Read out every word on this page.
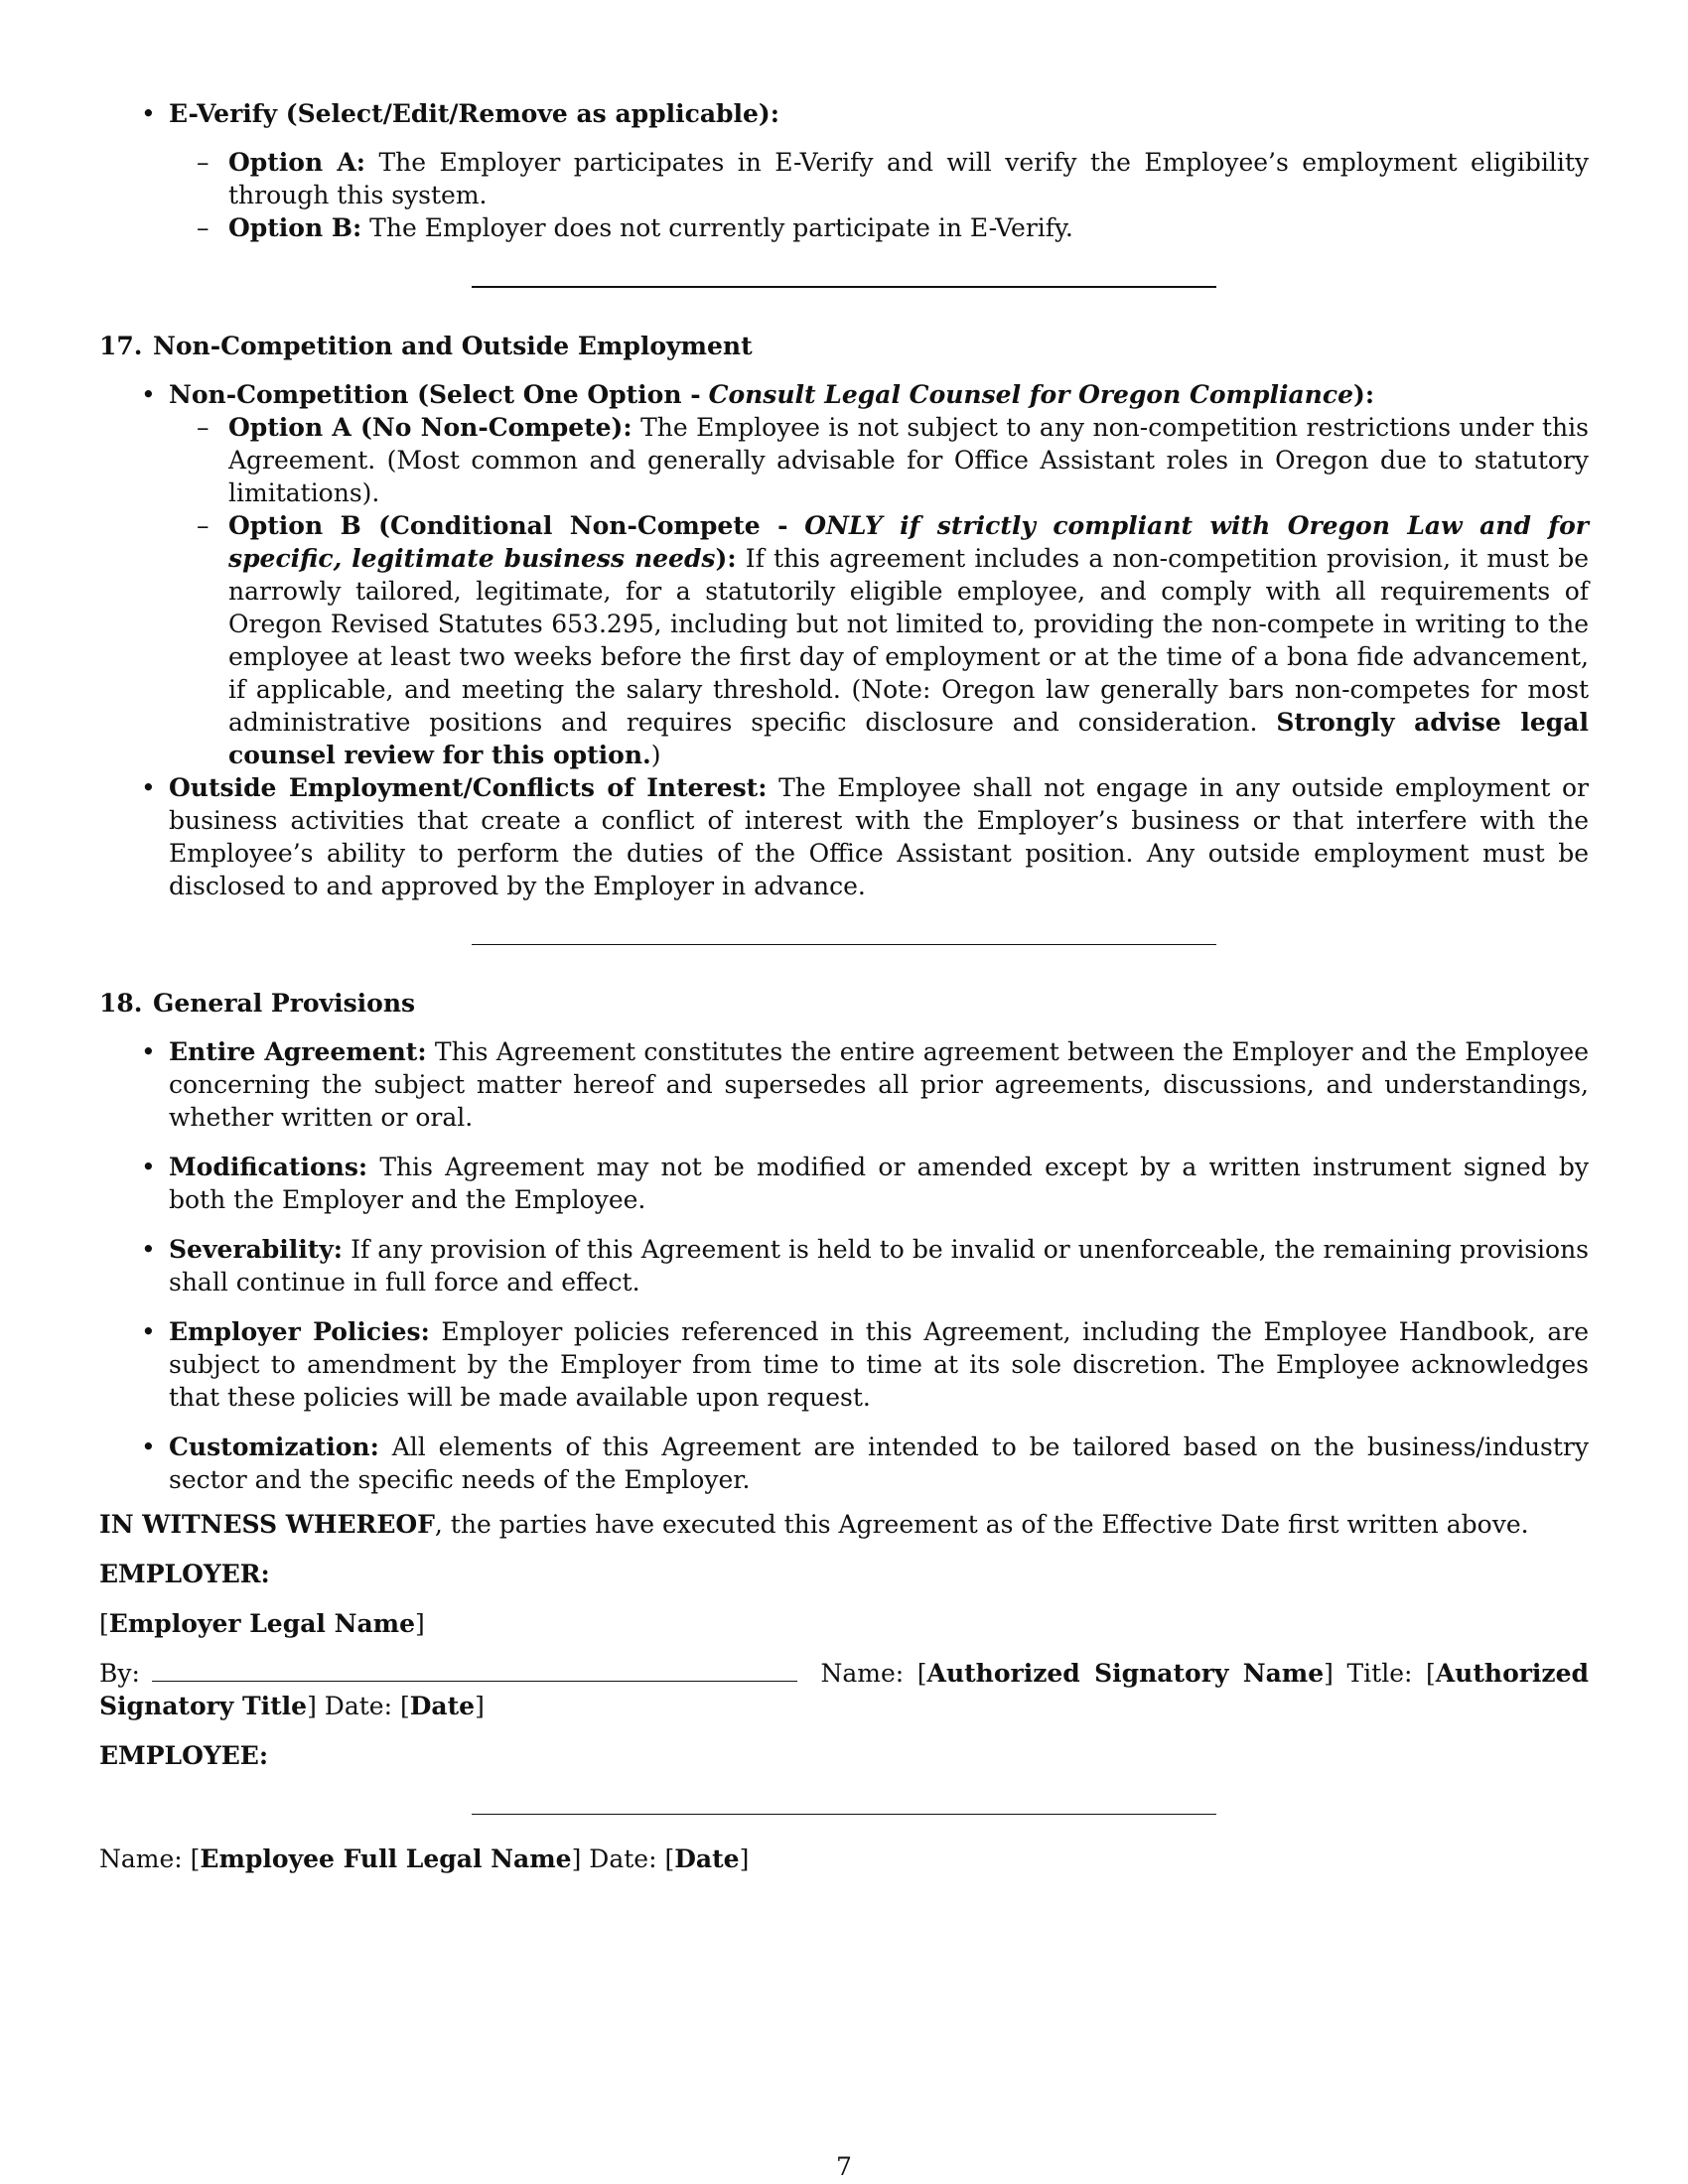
• E-Verify (Select/Edit/Remove as applicable):
– Option A: The Employer participates in E-Verify and will verify the Employee’s employment eligibility through this system.
– Option B: The Employer does not currently participate in E-Verify.
17. Non-Competition and Outside Employment
• Non-Competition (Select One Option - Consult Legal Counsel for Oregon Compliance):
– Option A (No Non-Compete): The Employee is not subject to any non-competition restrictions under this Agreement. (Most common and generally advisable for Office Assistant roles in Oregon due to statutory limitations).
– Option B (Conditional Non-Compete - ONLY if strictly compliant with Oregon Law and for specific, legitimate business needs): If this agreement includes a non-competition provision, it must be narrowly tailored, legitimate, for a statutorily eligible employee, and comply with all requirements of Oregon Revised Statutes 653.295, including but not limited to, providing the non-compete in writing to the employee at least two weeks before the first day of employment or at the time of a bona fide advancement, if applicable, and meeting the salary threshold. (Note: Oregon law generally bars non-competes for most administrative positions and requires specific disclosure and consideration. Strongly advise legal counsel review for this option.)
• Outside Employment/Conflicts of Interest: The Employee shall not engage in any outside employment or business activities that create a conflict of interest with the Employer’s business or that interfere with the Employee’s ability to perform the duties of the Office Assistant position. Any outside employment must be disclosed to and approved by the Employer in advance.
18. General Provisions
• Entire Agreement: This Agreement constitutes the entire agreement between the Employer and the Employee concerning the subject matter hereof and supersedes all prior agreements, discussions, and understandings, whether written or oral.
• Modifications: This Agreement may not be modified or amended except by a written instrument signed by both the Employer and the Employee.
• Severability: If any provision of this Agreement is held to be invalid or unenforceable, the remaining provisions shall continue in full force and effect.
• Employer Policies: Employer policies referenced in this Agreement, including the Employee Handbook, are subject to amendment by the Employer from time to time at its sole discretion. The Employee acknowledges that these policies will be made available upon request.
• Customization: All elements of this Agreement are intended to be tailored based on the business/industry sector and the specific needs of the Employer.

IN WITNESS WHEREOF, the parties have executed this Agreement as of the Effective Date first written above.

EMPLOYER:

[Employer Legal Name]

By:	Name: [Authorized Signatory Name] Title: [Authorized Signatory Title] Date: [Date]

EMPLOYEE:

Name: [Employee Full Legal Name] Date: [Date]

7
